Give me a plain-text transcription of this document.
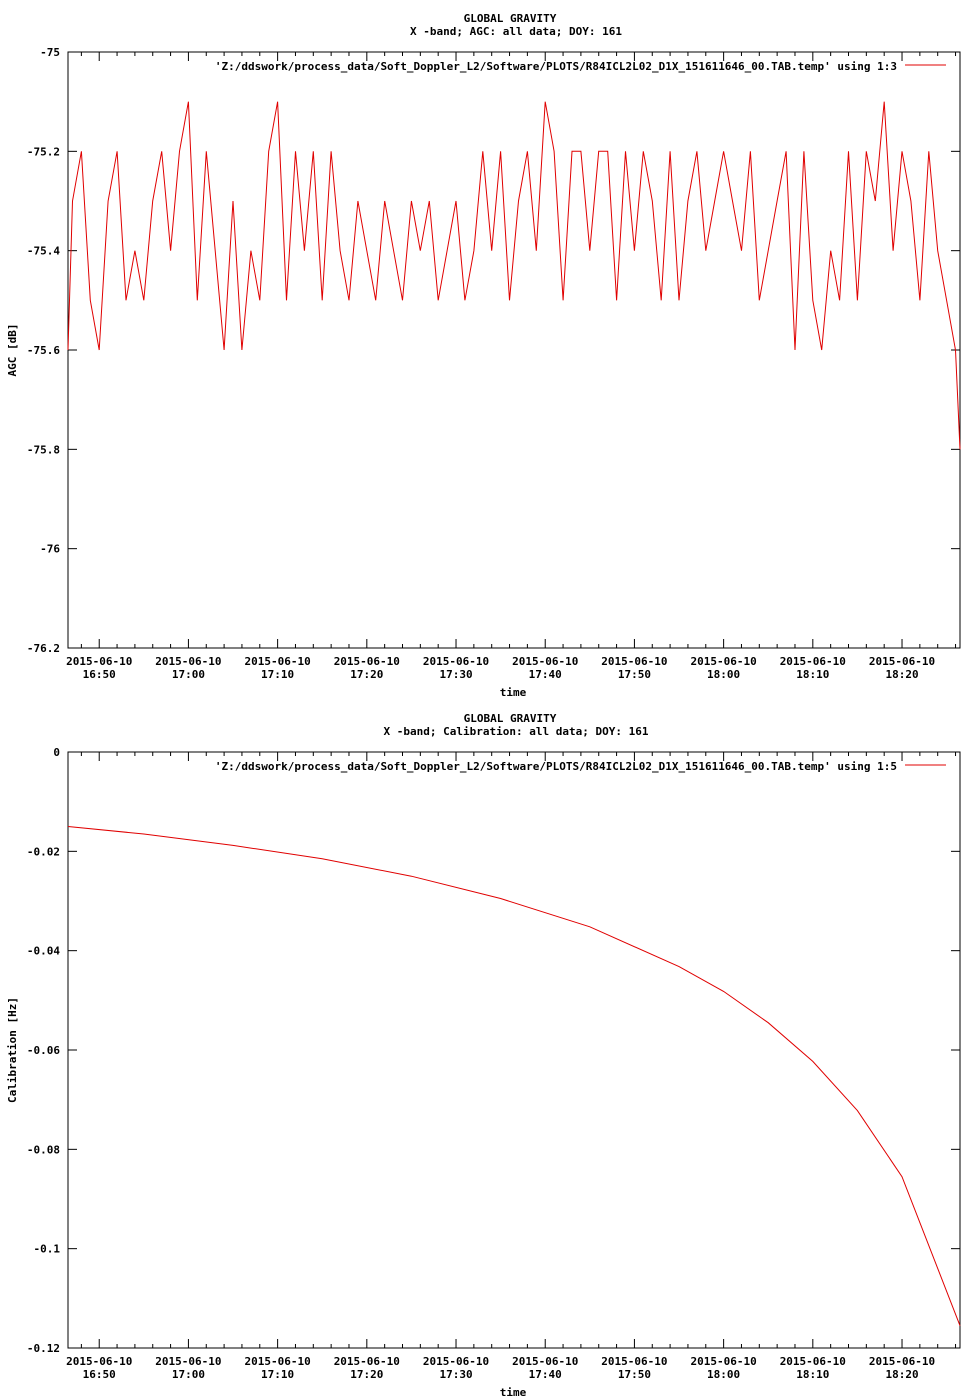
GLOBAL GRAVITY
X -band; AGC: all data; DOY: 161
-75
-75.2
-75.4
-75.6
-75.8
-76
-76.2
2015-06-10
16:50
2015-06-10
17:00
2015-06-10
17:10
2015-06-10
17:20
2015-06-10
17:30
2015-06-10
17:40
2015-06-10
17:50
2015-06-10
18:00
2015-06-10
18:10
2015-06-10
18:20
'Z:/ddswork/process_data/Soft_Doppler_L2/Software/PLOTS/R84ICL2L02_D1X_151611646_00.TAB.temp' using 1:3
time
AGC [dB]
GLOBAL GRAVITY
X -band; Calibration: all data; DOY: 161
0
-0.02
-0.04
-0.06
-0.08
-0.1
-0.12
2015-06-10
16:50
2015-06-10
17:00
2015-06-10
17:10
2015-06-10
17:20
2015-06-10
17:30
2015-06-10
17:40
2015-06-10
17:50
2015-06-10
18:00
2015-06-10
18:10
2015-06-10
18:20
'Z:/ddswork/process_data/Soft_Doppler_L2/Software/PLOTS/R84ICL2L02_D1X_151611646_00.TAB.temp' using 1:5
time
Calibration [Hz]
